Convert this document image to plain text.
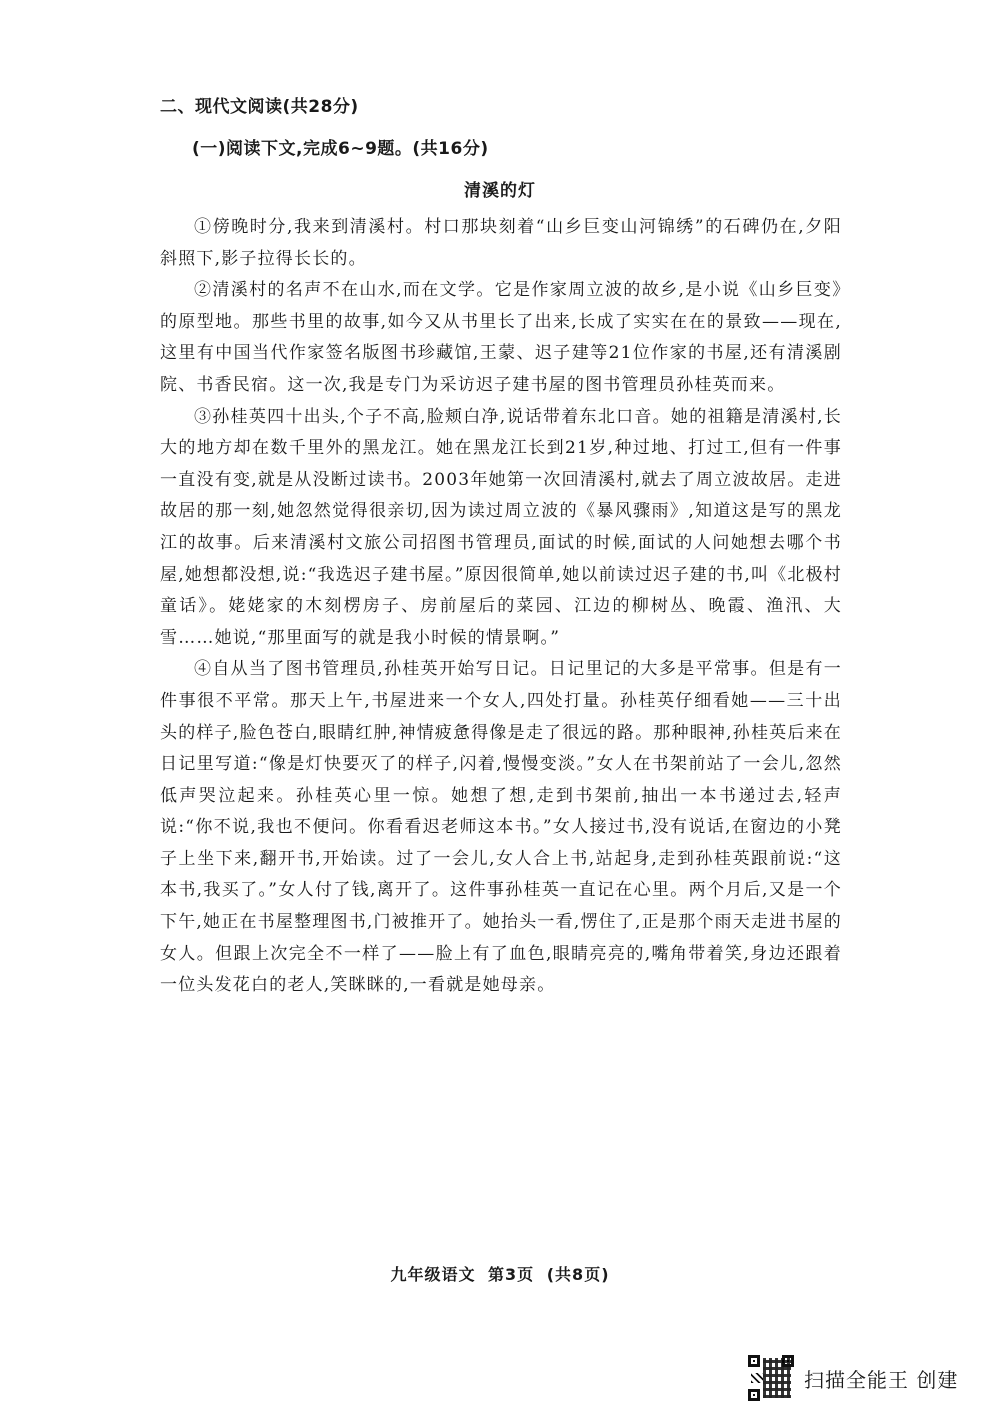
二、现代文阅读(共28分)
(一)阅读下文,完成6~9题。(共16分)
清溪的灯

①傍晚时分,我来到清溪村。村口那块刻着“山乡巨变山河锦绣”的石碑仍在,夕阳斜照下,影子拉得长长的。

②清溪村的名声不在山水,而在文学。它是作家周立波的故乡,是小说《山乡巨变》的原型地。那些书里的故事,如今又从书里长了出来,长成了实实在在的景致——现在,这里有中国当代作家签名版图书珍藏馆,王蒙、迟子建等21位作家的书屋,还有清溪剧院、书香民宿。这一次,我是专门为采访迟子建书屋的图书管理员孙桂英而来。

③孙桂英四十出头,个子不高,脸颊白净,说话带着东北口音。她的祖籍是清溪村,长大的地方却在数千里外的黑龙江。她在黑龙江长到21岁,种过地、打过工,但有一件事一直没有变,就是从没断过读书。2003年她第一次回清溪村,就去了周立波故居。走进故居的那一刻,她忽然觉得很亲切,因为读过周立波的《暴风骤雨》,知道这是写的黑龙江的故事。后来清溪村文旅公司招图书管理员,面试的时候,面试的人问她想去哪个书屋,她想都没想,说:“我选迟子建书屋。”原因很简单,她以前读过迟子建的书,叫《北极村童话》。姥姥家的木刻楞房子、房前屋后的菜园、江边的柳树丛、晚霞、渔汛、大雪……她说,“那里面写的就是我小时候的情景啊。”

④自从当了图书管理员,孙桂英开始写日记。日记里记的大多是平常事。但是有一件事很不平常。那天上午,书屋进来一个女人,四处打量。孙桂英仔细看她——三十出头的样子,脸色苍白,眼睛红肿,神情疲惫得像是走了很远的路。那种眼神,孙桂英后来在日记里写道:“像是灯快要灭了的样子,闪着,慢慢变淡。”女人在书架前站了一会儿,忽然低声哭泣起来。孙桂英心里一惊。她想了想,走到书架前,抽出一本书递过去,轻声说:“你不说,我也不便问。你看看迟老师这本书。”女人接过书,没有说话,在窗边的小凳子上坐下来,翻开书,开始读。过了一会儿,女人合上书,站起身,走到孙桂英跟前说:“这本书,我买了。”女人付了钱,离开了。这件事孙桂英一直记在心里。两个月后,又是一个下午,她正在书屋整理图书,门被推开了。她抬头一看,愣住了,正是那个雨天走进书屋的女人。但跟上次完全不一样了——脸上有了血色,眼睛亮亮的,嘴角带着笑,身边还跟着一位头发花白的老人,笑眯眯的,一看就是她母亲。

九年级语文 第3页 (共8页)
扫描全能王 创建
